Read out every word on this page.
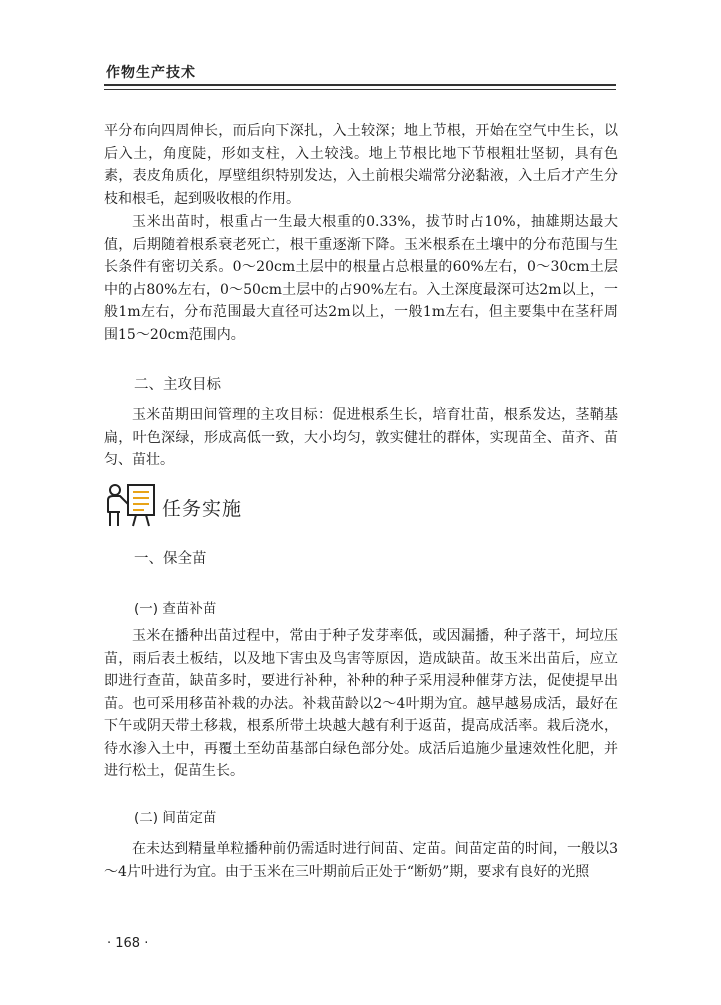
作物生产技术

平分布向四周伸长，而后向下深扎，入土较深；地上节根，开始在空气中生长，以后入土，角度陡，形如支柱，入土较浅。地上节根比地下节根粗壮坚韧，具有色素，表皮角质化，厚壁组织特别发达，入土前根尖端常分泌黏液，入土后才产生分枝和根毛，起到吸收根的作用。

玉米出苗时，根重占一生最大根重的0.33%，拔节时占10%，抽雄期达最大值，后期随着根系衰老死亡，根干重逐渐下降。玉米根系在土壤中的分布范围与生长条件有密切关系。0～20cm土层中的根量占总根量的60%左右，0～30cm土层中的占80%左右，0～50cm土层中的占90%左右。入土深度最深可达2m以上，一般1m左右，分布范围最大直径可达2m以上，一般1m左右，但主要集中在茎秆周围15～20cm范围内。

二、主攻目标

玉米苗期田间管理的主攻目标：促进根系生长，培育壮苗，根系发达，茎鞘基扁，叶色深绿，形成高低一致，大小均匀，敦实健壮的群体，实现苗全、苗齐、苗匀、苗壮。

任务实施
一、保全苗
(一) 查苗补苗

玉米在播种出苗过程中，常由于种子发芽率低，或因漏播，种子落干，坷垃压苗，雨后表土板结，以及地下害虫及鸟害等原因，造成缺苗。故玉米出苗后，应立即进行查苗，缺苗多时，要进行补种，补种的种子采用浸种催芽方法，促使提早出苗。也可采用移苗补栽的办法。补栽苗龄以2～4叶期为宜。越早越易成活，最好在下午或阴天带土移栽，根系所带土块越大越有利于返苗，提高成活率。栽后浇水，待水渗入土中，再覆土至幼苗基部白绿色部分处。成活后追施少量速效性化肥，并进行松土，促苗生长。

(二) 间苗定苗

在未达到精量单粒播种前仍需适时进行间苗、定苗。间苗定苗的时间，一般以3～4片叶进行为宜。由于玉米在三叶期前后正处于“断奶”期，要求有良好的光照

· 168 ·
